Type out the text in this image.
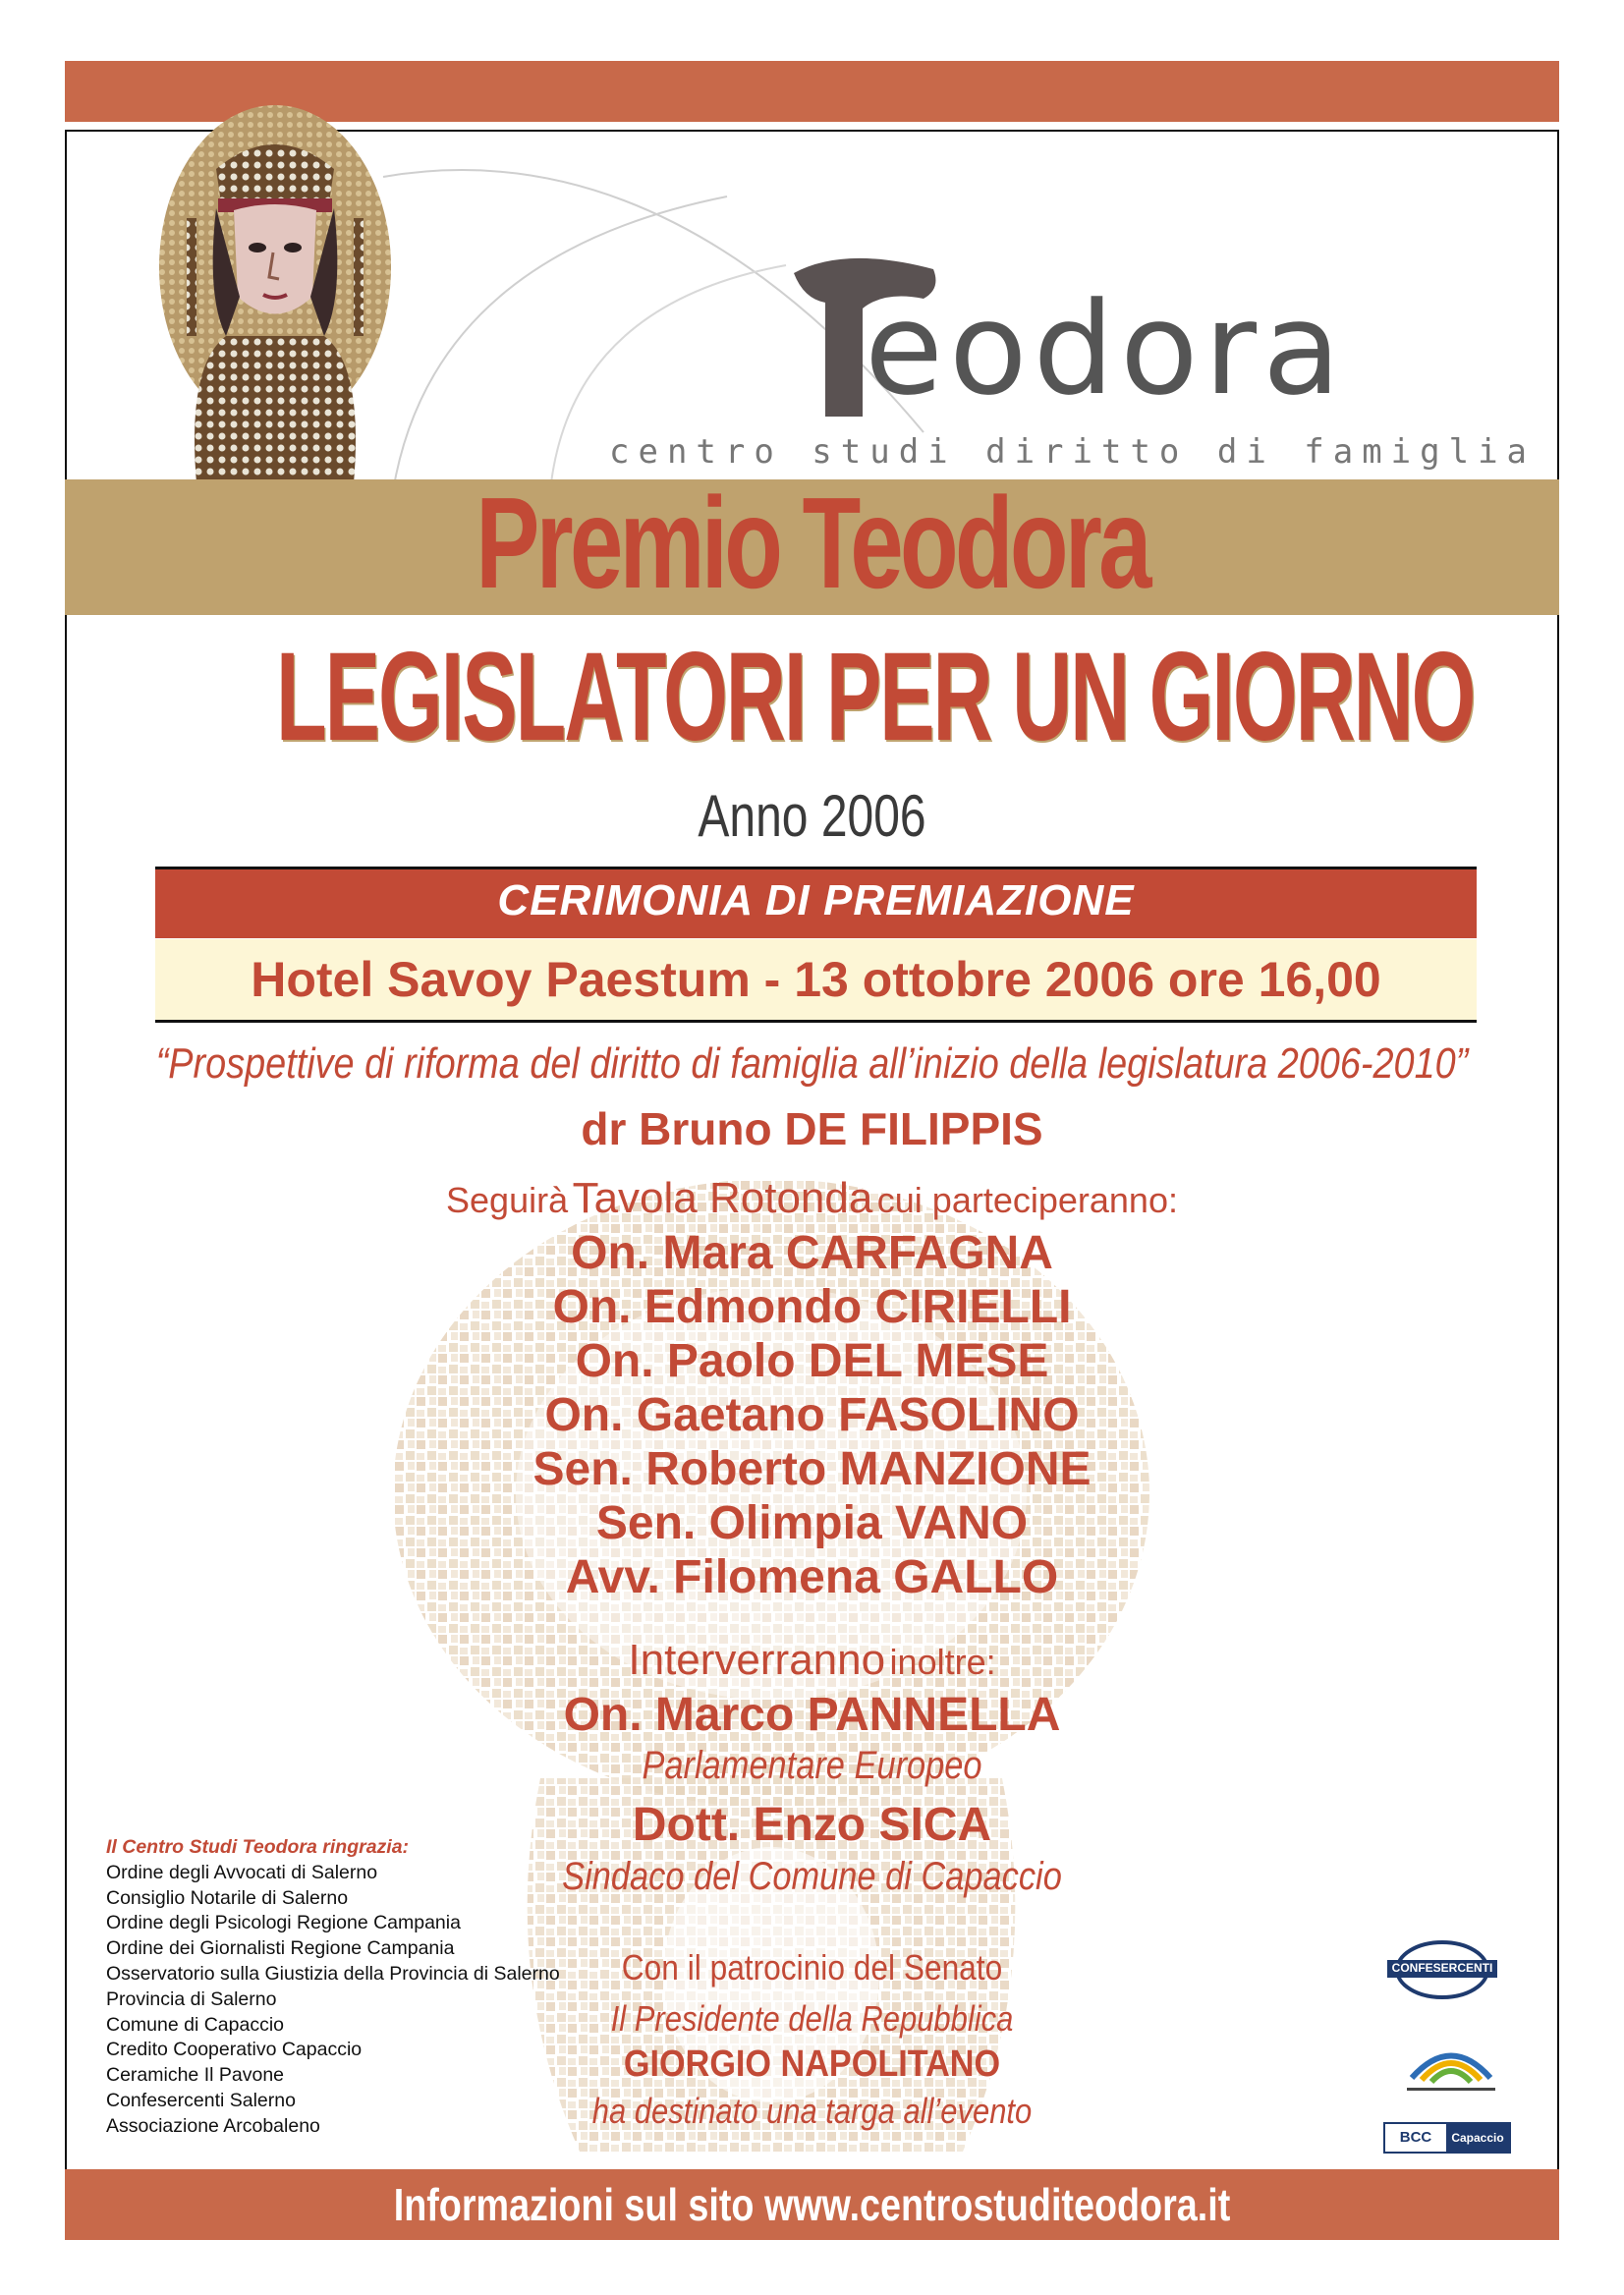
eodora
centro studi diritto di famiglia
Premio Teodora
LEGISLATORI PER UN GIORNO
Anno 2006
CERIMONIA DI PREMIAZIONE
Hotel Savoy Paestum - 13 ottobre 2006 ore 16,00
“Prospettive di riforma del diritto di famiglia all’inizio della legislatura 2006-2010”
dr Bruno DE FILIPPIS
Seguirà Tavola Rotonda cui parteciperanno:
On. Mara CARFAGNA
On. Edmondo CIRIELLI
On. Paolo DEL MESE
On. Gaetano FASOLINO
Sen. Roberto MANZIONE
Sen. Olimpia VANO
Avv. Filomena GALLO
Interverranno inoltre:
On. Marco PANNELLA
Parlamentare Europeo
Dott. Enzo SICA
Sindaco del Comune di Capaccio
Con il patrocinio del Senato
Il Presidente della Repubblica
GIORGIO NAPOLITANO
ha destinato una targa all’evento
Il Centro Studi Teodora ringrazia:
Ordine degli Avvocati di Salerno
Consiglio Notarile di Salerno
Ordine degli Psicologi Regione Campania
Ordine dei Giornalisti Regione Campania
Osservatorio sulla Giustizia della Provincia di Salerno
Provincia di Salerno
Comune di Capaccio
Credito Cooperativo Capaccio
Ceramiche Il Pavone
Confesercenti Salerno
Associazione Arcobaleno
CONFESERCENTI
BCC	Capaccio
Informazioni sul sito www.centrostuditeodora.it
